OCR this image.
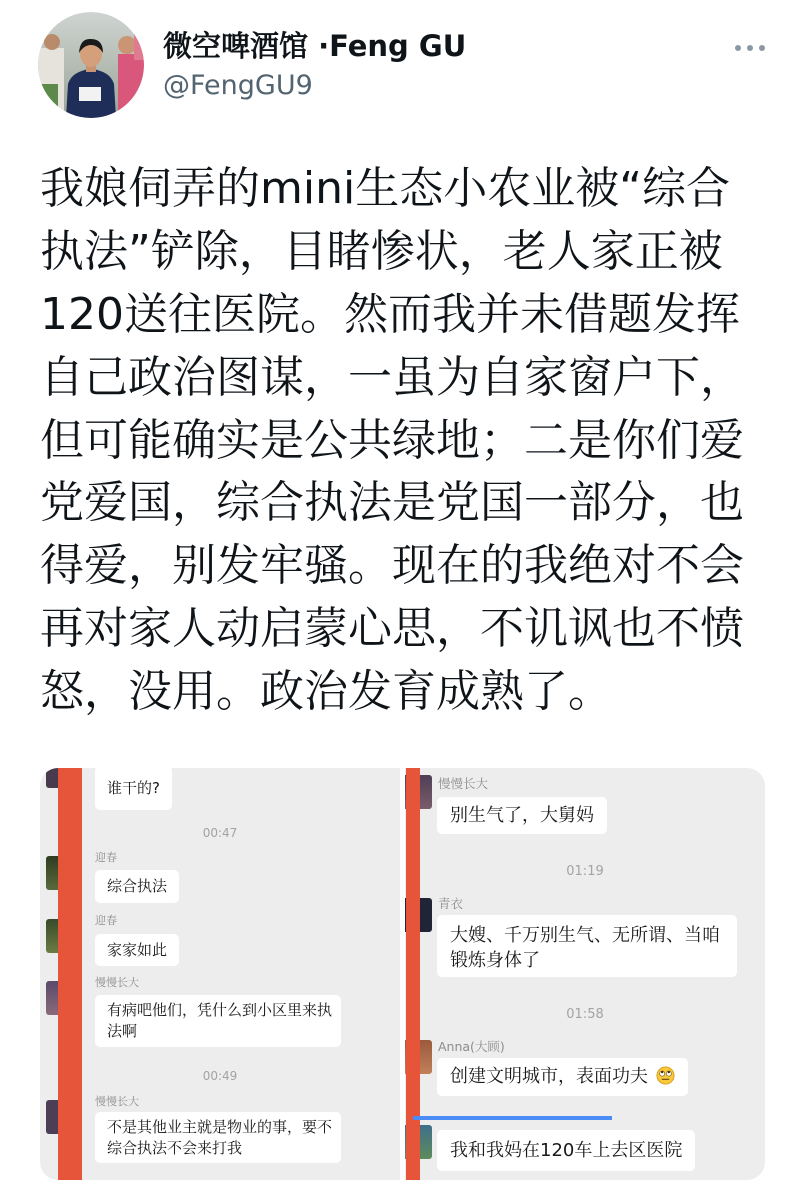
微空啤酒馆 ·Feng GU
@FengGU9
我娘伺弄的mini生态小农业被“综合
执法”铲除，目睹惨状，老人家正被
120送往医院。然而我并未借题发挥
自己政治图谋，一虽为自家窗户下，
但可能确实是公共绿地；二是你们爱
党爱国，综合执法是党国一部分，也
得爱，别发牢骚。现在的我绝对不会
再对家人动启蒙心思，不讥讽也不愤
怒，没用。政治发育成熟了。
谁干的?
00:47
迎春
综合执法
迎春
家家如此
慢慢长大
有病吧他们，凭什么到小区里来执法啊
00:49
慢慢长大
不是其他业主就是物业的事，要不综合执法不会来打我
慢慢长大
别生气了，大舅妈
01:19
青衣
大嫂、千万别生气、无所谓、当咱锻炼身体了
01:58
Anna(大顾)
创建文明城市，表面功夫
我和我妈在120车上去区医院
